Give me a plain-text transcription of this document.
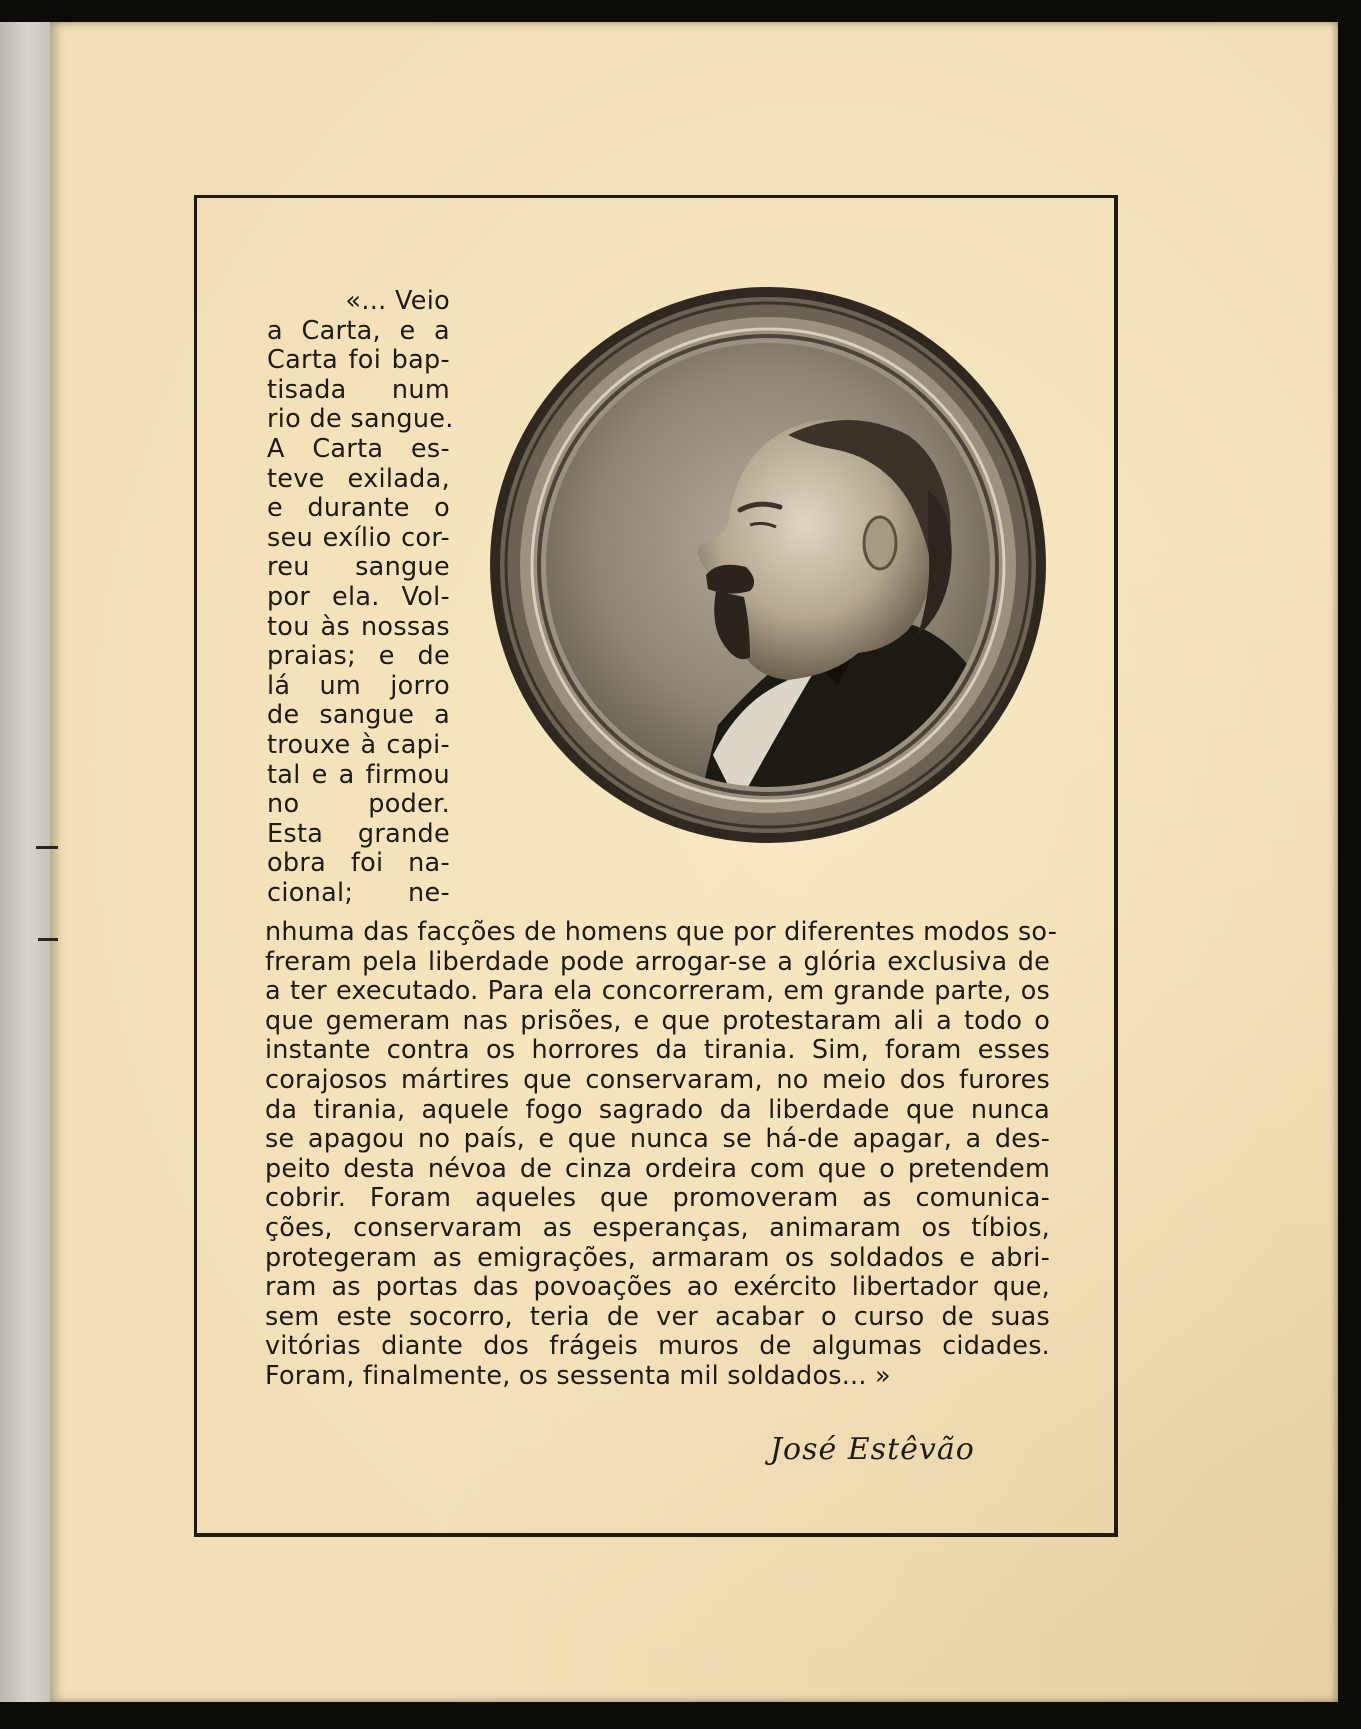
«... Veio
a Carta, e a
Carta foi bap-
tisada num
rio de sangue.
A Carta es-
teve exilada,
e durante o
seu exílio cor-
reu sangue
por ela. Vol-
tou às nossas
praias; e de
lá um jorro
de sangue a
trouxe à capi-
tal e a firmou
no poder.
Esta grande
obra foi na-
cional; ne-
nhuma das facções de homens que por diferentes modos so-
freram pela liberdade pode arrogar-se a glória exclusiva de
a ter executado. Para ela concorreram, em grande parte, os
que gemeram nas prisões, e que protestaram ali a todo o
instante contra os horrores da tirania. Sim, foram esses
corajosos mártires que conservaram, no meio dos furores
da tirania, aquele fogo sagrado da liberdade que nunca
se apagou no país, e que nunca se há-de apagar, a des-
peito desta névoa de cinza ordeira com que o pretendem
cobrir. Foram aqueles que promoveram as comunica-
ções, conservaram as esperanças, animaram os tíbios,
protegeram as emigrações, armaram os soldados e abri-
ram as portas das povoações ao exército libertador que,
sem este socorro, teria de ver acabar o curso de suas
vitórias diante dos frágeis muros de algumas cidades.
Foram, finalmente, os sessenta mil soldados... »
José Estêvão
